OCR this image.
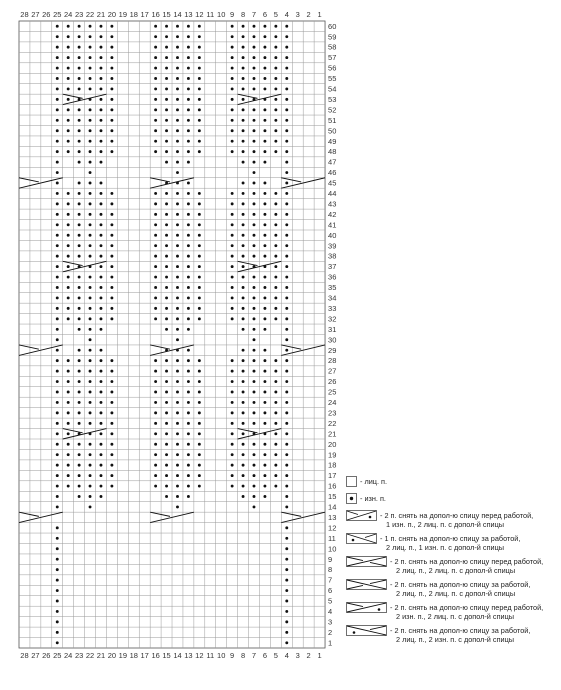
28 27 26 25 24 23 22 21 20 19 18 17 16 15 14 13 12 11 10 9 8 7 6 5 4 3 2 1
28 27 26 25 24 23 22 21 20 19 18 17 16 15 14 13 12 11 10 9 8 7 6 5 4 3 2 1
1
2
3
4
5
6
7
8
9
10
11
12
13
14
15
16
17
18
19
20
21
22
23
24
25
26
27
28
29
30
31
32
33
34
35
36
37
38
39
40
41
42
43
44
45
46
47
48
49
50
51
52
53
54
55
56
57
58
59
60
- лиц. п.
- изн. п.
- 2 п. снять на допол-ю спицу перед работой,
1 изн. п., 2 лиц. п. с допол-й спицы
- 1 п. снять на допол-ю спицу за работой,
2 лиц. п., 1 изн. п. с допол-й спицы
- 2 п. снять на допол-ю спицу перед работой,
2 лиц. п., 2 лиц. п. с допол-й спицы
- 2 п. снять на допол-ю спицу за работой,
2 лиц. п., 2 лиц. п. с допол-й спицы
- 2 п. снять на допол-ю спицу перед работой,
2 изн. п., 2 лиц. п. с допол-й спицы
- 2 п. снять на допол-ю спицу за работой,
2 лиц. п., 2 изн. п. с допол-й спицы
